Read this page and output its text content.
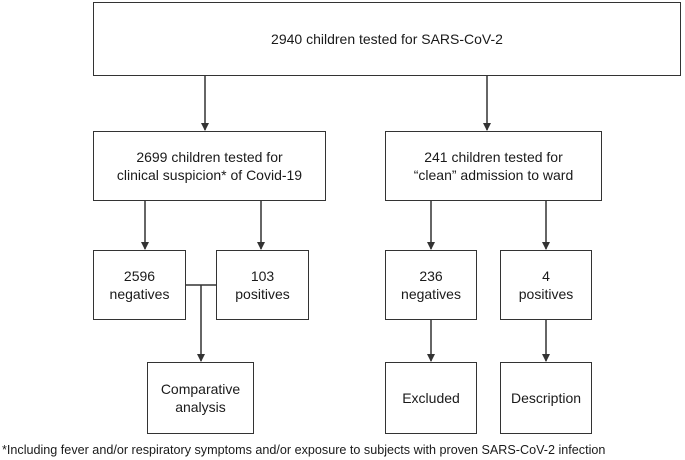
2940 children tested for SARS-CoV-2
2699 children tested for
clinical suspicion* of Covid-19
241 children tested for
“clean” admission to ward
2596
negatives
103
positives
236
negatives
4
positives
Comparative
analysis
Excluded	Description
*Including fever and/or respiratory symptoms and/or exposure to subjects with proven SARS-CoV-2 infection
